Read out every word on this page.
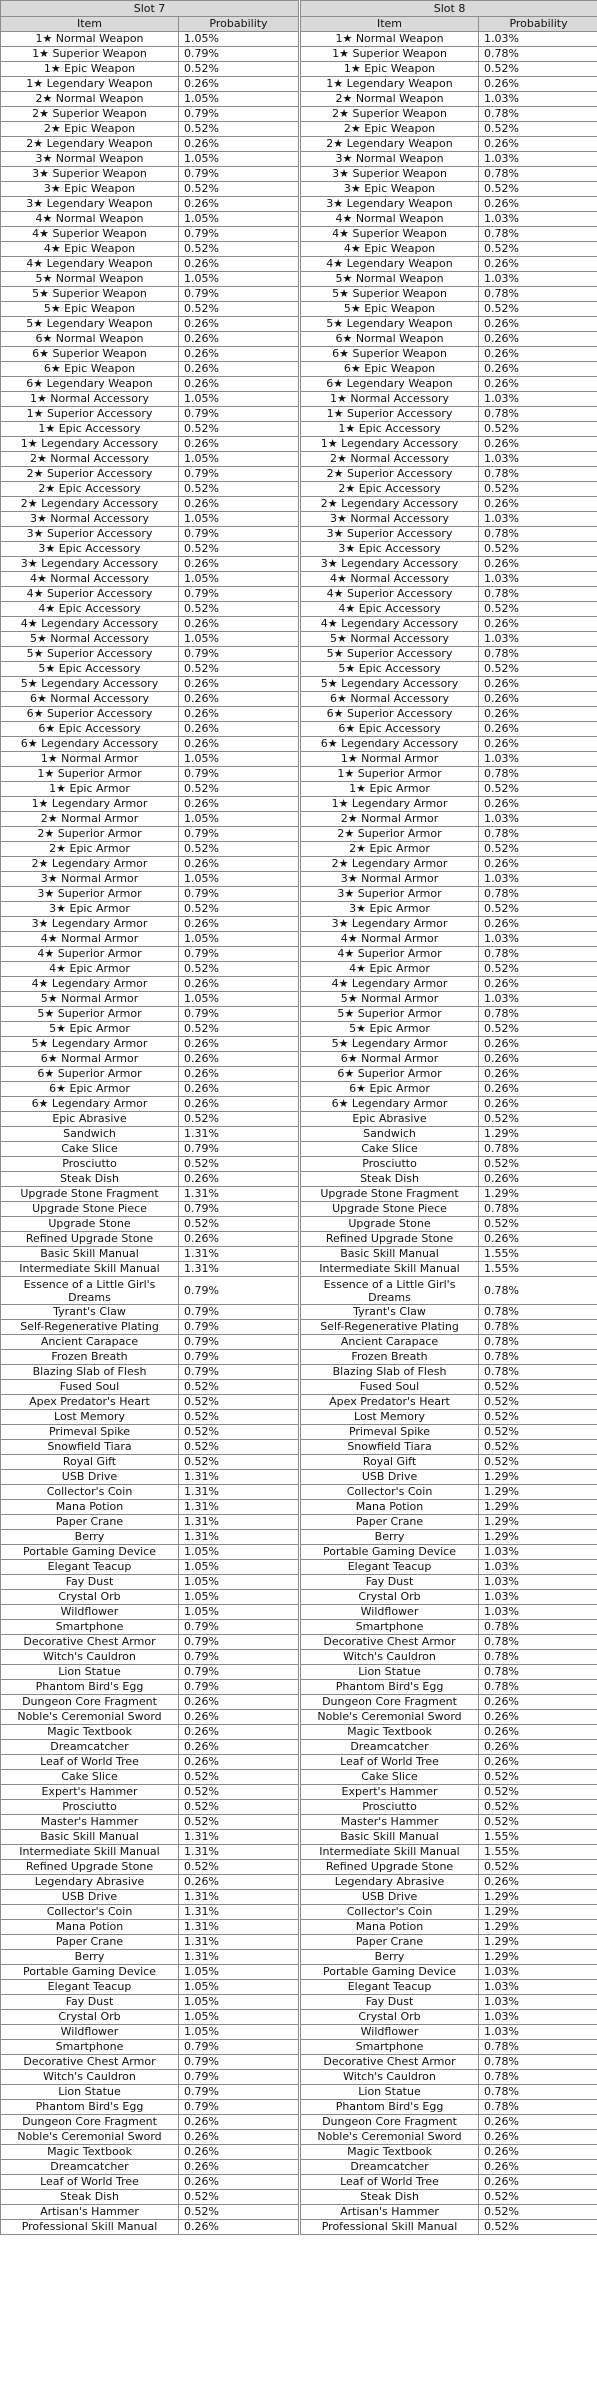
Slot 7	
Item	Probability
1★ Normal Weapon	1.05%
1★ Superior Weapon	0.79%
1★ Epic Weapon	0.52%
1★ Legendary Weapon	0.26%
2★ Normal Weapon	1.05%
2★ Superior Weapon	0.79%
2★ Epic Weapon	0.52%
2★ Legendary Weapon	0.26%
3★ Normal Weapon	1.05%
3★ Superior Weapon	0.79%
3★ Epic Weapon	0.52%
3★ Legendary Weapon	0.26%
4★ Normal Weapon	1.05%
4★ Superior Weapon	0.79%
4★ Epic Weapon	0.52%
4★ Legendary Weapon	0.26%
5★ Normal Weapon	1.05%
5★ Superior Weapon	0.79%
5★ Epic Weapon	0.52%
5★ Legendary Weapon	0.26%
6★ Normal Weapon	0.26%
6★ Superior Weapon	0.26%
6★ Epic Weapon	0.26%
6★ Legendary Weapon	0.26%
1★ Normal Accessory	1.05%
1★ Superior Accessory	0.79%
1★ Epic Accessory	0.52%
1★ Legendary Accessory	0.26%
2★ Normal Accessory	1.05%
2★ Superior Accessory	0.79%
2★ Epic Accessory	0.52%
2★ Legendary Accessory	0.26%
3★ Normal Accessory	1.05%
3★ Superior Accessory	0.79%
3★ Epic Accessory	0.52%
3★ Legendary Accessory	0.26%
4★ Normal Accessory	1.05%
4★ Superior Accessory	0.79%
4★ Epic Accessory	0.52%
4★ Legendary Accessory	0.26%
5★ Normal Accessory	1.05%
5★ Superior Accessory	0.79%
5★ Epic Accessory	0.52%
5★ Legendary Accessory	0.26%
6★ Normal Accessory	0.26%
6★ Superior Accessory	0.26%
6★ Epic Accessory	0.26%
6★ Legendary Accessory	0.26%
1★ Normal Armor	1.05%
1★ Superior Armor	0.79%
1★ Epic Armor	0.52%
1★ Legendary Armor	0.26%
2★ Normal Armor	1.05%
2★ Superior Armor	0.79%
2★ Epic Armor	0.52%
2★ Legendary Armor	0.26%
3★ Normal Armor	1.05%
3★ Superior Armor	0.79%
3★ Epic Armor	0.52%
3★ Legendary Armor	0.26%
4★ Normal Armor	1.05%
4★ Superior Armor	0.79%
4★ Epic Armor	0.52%
4★ Legendary Armor	0.26%
5★ Normal Armor	1.05%
5★ Superior Armor	0.79%
5★ Epic Armor	0.52%
5★ Legendary Armor	0.26%
6★ Normal Armor	0.26%
6★ Superior Armor	0.26%
6★ Epic Armor	0.26%
6★ Legendary Armor	0.26%
Epic Abrasive	0.52%
Sandwich	1.31%
Cake Slice	0.79%
Prosciutto	0.52%
Steak Dish	0.26%
Upgrade Stone Fragment	1.31%
Upgrade Stone Piece	0.79%
Upgrade Stone	0.52%
Refined Upgrade Stone	0.26%
Basic Skill Manual	1.31%
Intermediate Skill Manual	1.31%
Essence of a Little Girl's Dreams	0.79%
Tyrant's Claw	0.79%
Self-Regenerative Plating	0.79%
Ancient Carapace	0.79%
Frozen Breath	0.79%
Blazing Slab of Flesh	0.79%
Fused Soul	0.52%
Apex Predator's Heart	0.52%
Lost Memory	0.52%
Primeval Spike	0.52%
Snowfield Tiara	0.52%
Royal Gift	0.52%
USB Drive	1.31%
Collector's Coin	1.31%
Mana Potion	1.31%
Paper Crane	1.31%
Berry	1.31%
Portable Gaming Device	1.05%
Elegant Teacup	1.05%
Fay Dust	1.05%
Crystal Orb	1.05%
Wildflower	1.05%
Smartphone	0.79%
Decorative Chest Armor	0.79%
Witch's Cauldron	0.79%
Lion Statue	0.79%
Phantom Bird's Egg	0.79%
Dungeon Core Fragment	0.26%
Noble's Ceremonial Sword	0.26%
Magic Textbook	0.26%
Dreamcatcher	0.26%
Leaf of World Tree	0.26%
Cake Slice	0.52%
Expert's Hammer	0.52%
Prosciutto	0.52%
Master's Hammer	0.52%
Basic Skill Manual	1.31%
Intermediate Skill Manual	1.31%
Refined Upgrade Stone	0.52%
Legendary Abrasive	0.26%
USB Drive	1.31%
Collector's Coin	1.31%
Mana Potion	1.31%
Paper Crane	1.31%
Berry	1.31%
Portable Gaming Device	1.05%
Elegant Teacup	1.05%
Fay Dust	1.05%
Crystal Orb	1.05%
Wildflower	1.05%
Smartphone	0.79%
Decorative Chest Armor	0.79%
Witch's Cauldron	0.79%
Lion Statue	0.79%
Phantom Bird's Egg	0.79%
Dungeon Core Fragment	0.26%
Noble's Ceremonial Sword	0.26%
Magic Textbook	0.26%
Dreamcatcher	0.26%
Leaf of World Tree	0.26%
Steak Dish	0.52%
Artisan's Hammer	0.52%
Professional Skill Manual	0.26%
Slot 8	
Item	Probability
1★ Normal Weapon	1.03%
1★ Superior Weapon	0.78%
1★ Epic Weapon	0.52%
1★ Legendary Weapon	0.26%
2★ Normal Weapon	1.03%
2★ Superior Weapon	0.78%
2★ Epic Weapon	0.52%
2★ Legendary Weapon	0.26%
3★ Normal Weapon	1.03%
3★ Superior Weapon	0.78%
3★ Epic Weapon	0.52%
3★ Legendary Weapon	0.26%
4★ Normal Weapon	1.03%
4★ Superior Weapon	0.78%
4★ Epic Weapon	0.52%
4★ Legendary Weapon	0.26%
5★ Normal Weapon	1.03%
5★ Superior Weapon	0.78%
5★ Epic Weapon	0.52%
5★ Legendary Weapon	0.26%
6★ Normal Weapon	0.26%
6★ Superior Weapon	0.26%
6★ Epic Weapon	0.26%
6★ Legendary Weapon	0.26%
1★ Normal Accessory	1.03%
1★ Superior Accessory	0.78%
1★ Epic Accessory	0.52%
1★ Legendary Accessory	0.26%
2★ Normal Accessory	1.03%
2★ Superior Accessory	0.78%
2★ Epic Accessory	0.52%
2★ Legendary Accessory	0.26%
3★ Normal Accessory	1.03%
3★ Superior Accessory	0.78%
3★ Epic Accessory	0.52%
3★ Legendary Accessory	0.26%
4★ Normal Accessory	1.03%
4★ Superior Accessory	0.78%
4★ Epic Accessory	0.52%
4★ Legendary Accessory	0.26%
5★ Normal Accessory	1.03%
5★ Superior Accessory	0.78%
5★ Epic Accessory	0.52%
5★ Legendary Accessory	0.26%
6★ Normal Accessory	0.26%
6★ Superior Accessory	0.26%
6★ Epic Accessory	0.26%
6★ Legendary Accessory	0.26%
1★ Normal Armor	1.03%
1★ Superior Armor	0.78%
1★ Epic Armor	0.52%
1★ Legendary Armor	0.26%
2★ Normal Armor	1.03%
2★ Superior Armor	0.78%
2★ Epic Armor	0.52%
2★ Legendary Armor	0.26%
3★ Normal Armor	1.03%
3★ Superior Armor	0.78%
3★ Epic Armor	0.52%
3★ Legendary Armor	0.26%
4★ Normal Armor	1.03%
4★ Superior Armor	0.78%
4★ Epic Armor	0.52%
4★ Legendary Armor	0.26%
5★ Normal Armor	1.03%
5★ Superior Armor	0.78%
5★ Epic Armor	0.52%
5★ Legendary Armor	0.26%
6★ Normal Armor	0.26%
6★ Superior Armor	0.26%
6★ Epic Armor	0.26%
6★ Legendary Armor	0.26%
Epic Abrasive	0.52%
Sandwich	1.29%
Cake Slice	0.78%
Prosciutto	0.52%
Steak Dish	0.26%
Upgrade Stone Fragment	1.29%
Upgrade Stone Piece	0.78%
Upgrade Stone	0.52%
Refined Upgrade Stone	0.26%
Basic Skill Manual	1.55%
Intermediate Skill Manual	1.55%
Essence of a Little Girl's Dreams	0.78%
Tyrant's Claw	0.78%
Self-Regenerative Plating	0.78%
Ancient Carapace	0.78%
Frozen Breath	0.78%
Blazing Slab of Flesh	0.78%
Fused Soul	0.52%
Apex Predator's Heart	0.52%
Lost Memory	0.52%
Primeval Spike	0.52%
Snowfield Tiara	0.52%
Royal Gift	0.52%
USB Drive	1.29%
Collector's Coin	1.29%
Mana Potion	1.29%
Paper Crane	1.29%
Berry	1.29%
Portable Gaming Device	1.03%
Elegant Teacup	1.03%
Fay Dust	1.03%
Crystal Orb	1.03%
Wildflower	1.03%
Smartphone	0.78%
Decorative Chest Armor	0.78%
Witch's Cauldron	0.78%
Lion Statue	0.78%
Phantom Bird's Egg	0.78%
Dungeon Core Fragment	0.26%
Noble's Ceremonial Sword	0.26%
Magic Textbook	0.26%
Dreamcatcher	0.26%
Leaf of World Tree	0.26%
Cake Slice	0.52%
Expert's Hammer	0.52%
Prosciutto	0.52%
Master's Hammer	0.52%
Basic Skill Manual	1.55%
Intermediate Skill Manual	1.55%
Refined Upgrade Stone	0.52%
Legendary Abrasive	0.26%
USB Drive	1.29%
Collector's Coin	1.29%
Mana Potion	1.29%
Paper Crane	1.29%
Berry	1.29%
Portable Gaming Device	1.03%
Elegant Teacup	1.03%
Fay Dust	1.03%
Crystal Orb	1.03%
Wildflower	1.03%
Smartphone	0.78%
Decorative Chest Armor	0.78%
Witch's Cauldron	0.78%
Lion Statue	0.78%
Phantom Bird's Egg	0.78%
Dungeon Core Fragment	0.26%
Noble's Ceremonial Sword	0.26%
Magic Textbook	0.26%
Dreamcatcher	0.26%
Leaf of World Tree	0.26%
Steak Dish	0.52%
Artisan's Hammer	0.52%
Professional Skill Manual	0.52%
